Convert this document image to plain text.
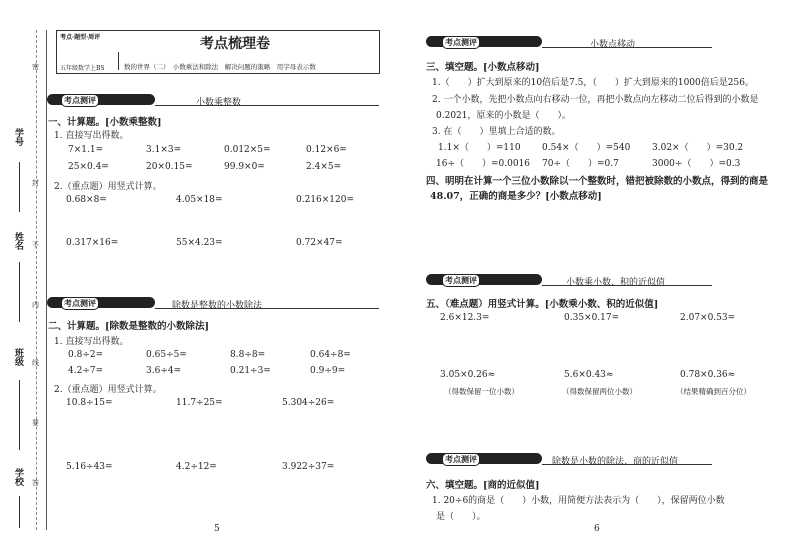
密
封
不
内
线
要
答
学号
姓名
班级
学校
考点·题型·周评	考点梳理卷
五年级数学上BS	数的世界（二）　小数乘法和除法　解决问题的策略　用字母表示数
考点测评	小数乘整数
一、计算题。[小数乘整数]
1. 直接写出得数。
7×1.1=	3.1×3=	0.012×5=	0.12×6=
25×0.4=	20×0.15=	99.9×0=	2.4×5=
2.（重点题）用竖式计算。
0.68×8=	4.05×18=	0.216×120=
0.317×16=	55×4.23=	0.72×47=
考点测评	除数是整数的小数除法
二、计算题。[除数是整数的小数除法]
1. 直接写出得数。
0.8÷2=	0.65÷5=	8.8÷8=	0.64÷8=
4.2÷7=	3.6÷4=	0.21÷3=	0.9÷9=
2.（重点题）用竖式计算。
10.8÷15=	11.7÷25=	5.304÷26=
5.16÷43=	4.2÷12=	3.922÷37=
5
考点测评	小数点移动
三、填空题。[小数点移动]
1.（　　）扩大到原来的10倍后是7.5，（　　）扩大到原来的1000倍后是256。
2. 一个小数，先把小数点向右移动一位，再把小数点向左移动二位后得到的小数是
0.2021，原来的小数是（　　）。
3. 在（　　）里填上合适的数。
1.1×（　　）=110 0.54×（　　）=540 3.02×（　　）=30.2
16÷（　　）=0.0016 70÷（　　）=0.7	3000÷（　　）=0.3
四、明明在计算一个三位小数除以一个整数时，错把被除数的小数点，得到的商是
48.07，正确的商是多少？[小数点移动]
考点测评	小数乘小数、积的近似值
五、（难点题）用竖式计算。[小数乘小数、积的近似值]
2.6×12.3=	0.35×0.17=	2.07×0.53=
3.05×0.26≈	5.6×0.43≈	0.78×0.36≈
（得数保留一位小数）	（得数保留两位小数）	（结果精确到百分位）
考点测评	除数是小数的除法、商的近似值
六、填空题。[商的近似值]
1. 20÷6的商是（　　）小数，用简便方法表示为（　　），保留两位小数
是（　　）。
6
